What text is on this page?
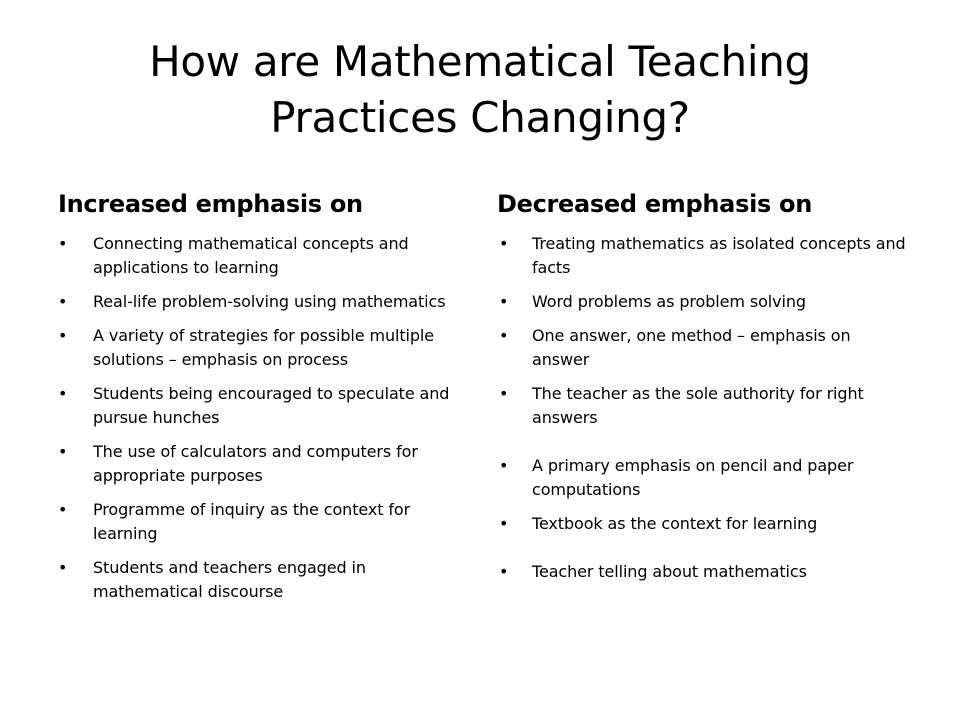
How are Mathematical Teaching
Practices Changing?
Increased emphasis on
• Connecting mathematical concepts and applications to learning
• Real-life problem-solving using mathematics
• A variety of strategies for possible multiple solutions – emphasis on process
• Students being encouraged to speculate and pursue hunches
• The use of calculators and computers for appropriate purposes
• Programme of inquiry as the context for learning
• Students and teachers engaged in mathematical discourse
Decreased emphasis on
• Treating mathematics as isolated concepts and facts
• Word problems as problem solving
• One answer, one method – emphasis on answer
• The teacher as the sole authority for right answers
• A primary emphasis on pencil and paper computations
• Textbook as the context for learning
• Teacher telling about mathematics
